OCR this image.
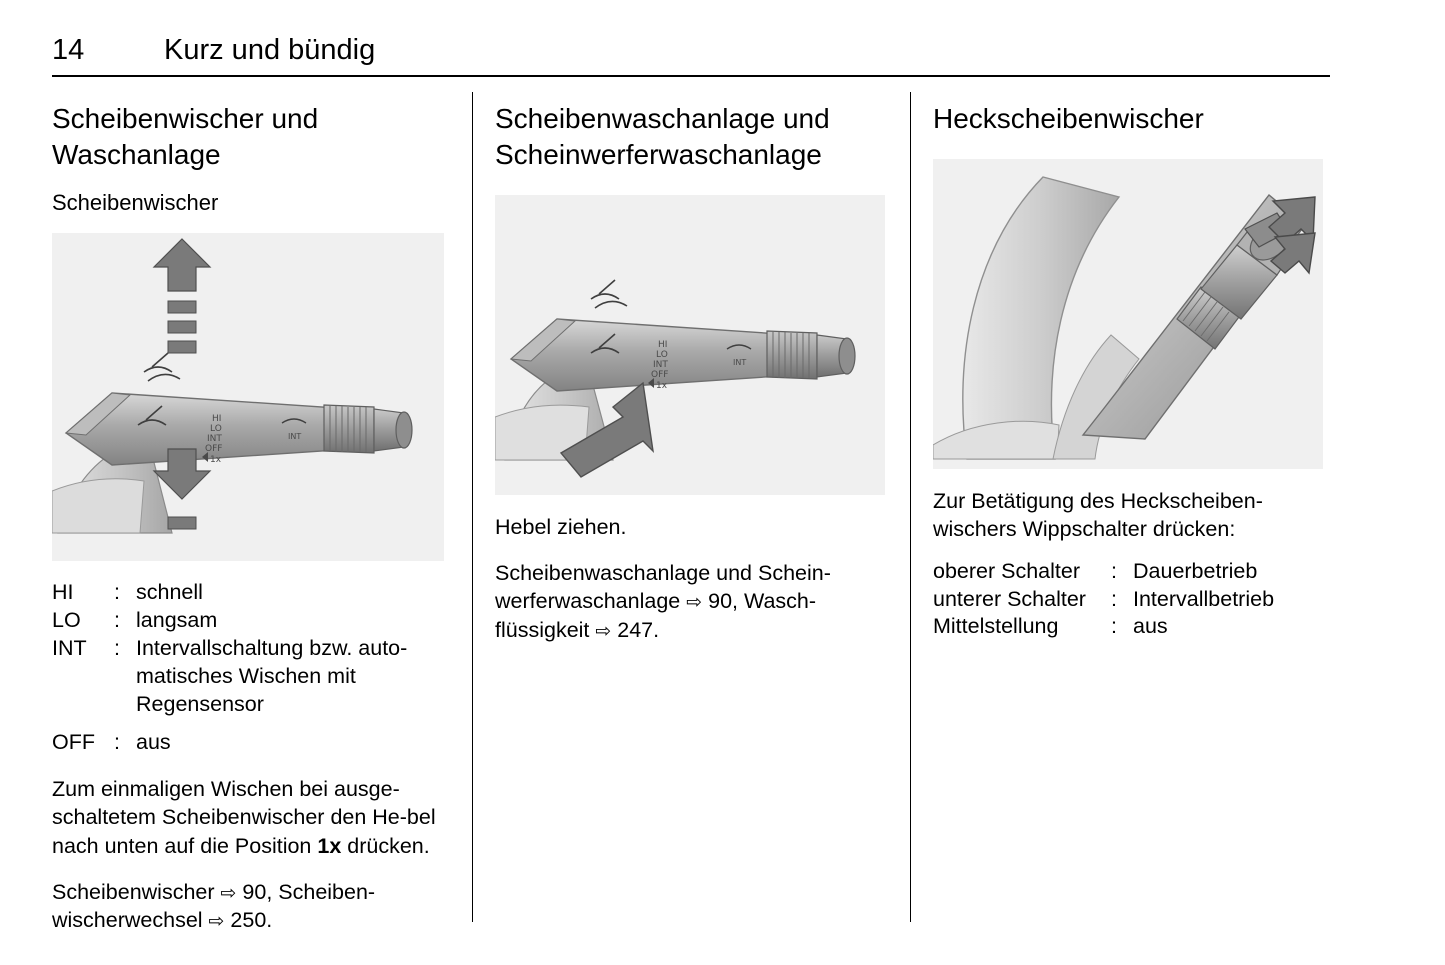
14	Kurz und bündig
Scheibenwischer und Waschanlage
Scheibenwischer
HI
LO
INT
OFF
1x
INT
HI	: schnell
LO	: langsam
INT	: Intervallschaltung bzw. auto-
matisches Wischen mit
Regensensor
OFF : aus

Zum einmaligen Wischen bei ausge-schaltetem Scheibenwischer den He-bel nach unten auf die Position 1x drücken.

Scheibenwischer ⇨ 90, Scheiben-wischerwechsel ⇨ 250.

Scheibenwaschanlage und Scheinwerferwaschanlage
HI
LO
INT
OFF
1x
INT

Hebel ziehen.

Scheibenwaschanlage und Schein-werferwaschanlage ⇨ 90, Wasch-flüssigkeit ⇨ 247.

Heckscheibenwischer

Zur Betätigung des Heckscheiben-wischers Wippschalter drücken:

oberer Schalter	: Dauerbetrieb
unterer Schalter	: Intervallbetrieb
Mittelstellung	: aus
